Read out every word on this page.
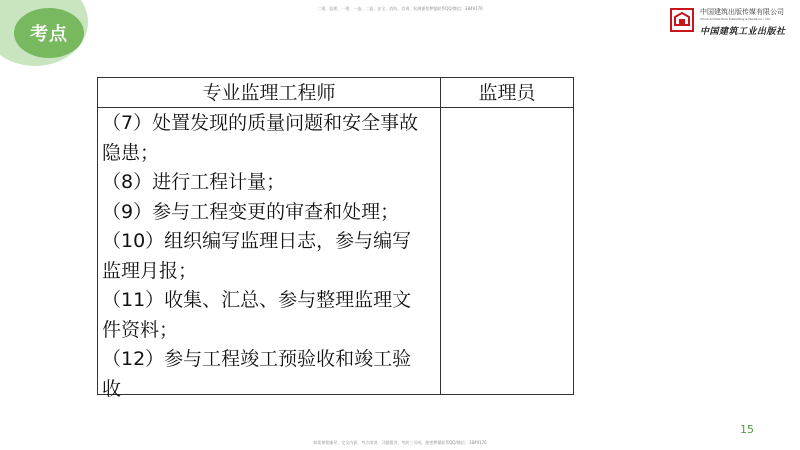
考点
二建、监理、一建、一造、二造、安全、消防、咨询、检测课程押题联系QQ/微信：3849176
如需课程辅导，完全内训、考点串讲、习题精讲、考前三页纸、绝密押题联系QQ/微信：3849176
中国建筑出版传媒有限公司
China Architecture Publishing & Media Co., Ltd.
中国建筑工业出版社
专业监理工程师	监理员
（7）处置发现的质量问题和安全事故
隐患；
（8）进行工程计量；
（9）参与工程变更的审查和处理；
（10）组织编写监理日志，参与编写
监理月报；
（11）收集、汇总、参与整理监理文
件资料；
（12）参与工程竣工预验收和竣工验
收
15
